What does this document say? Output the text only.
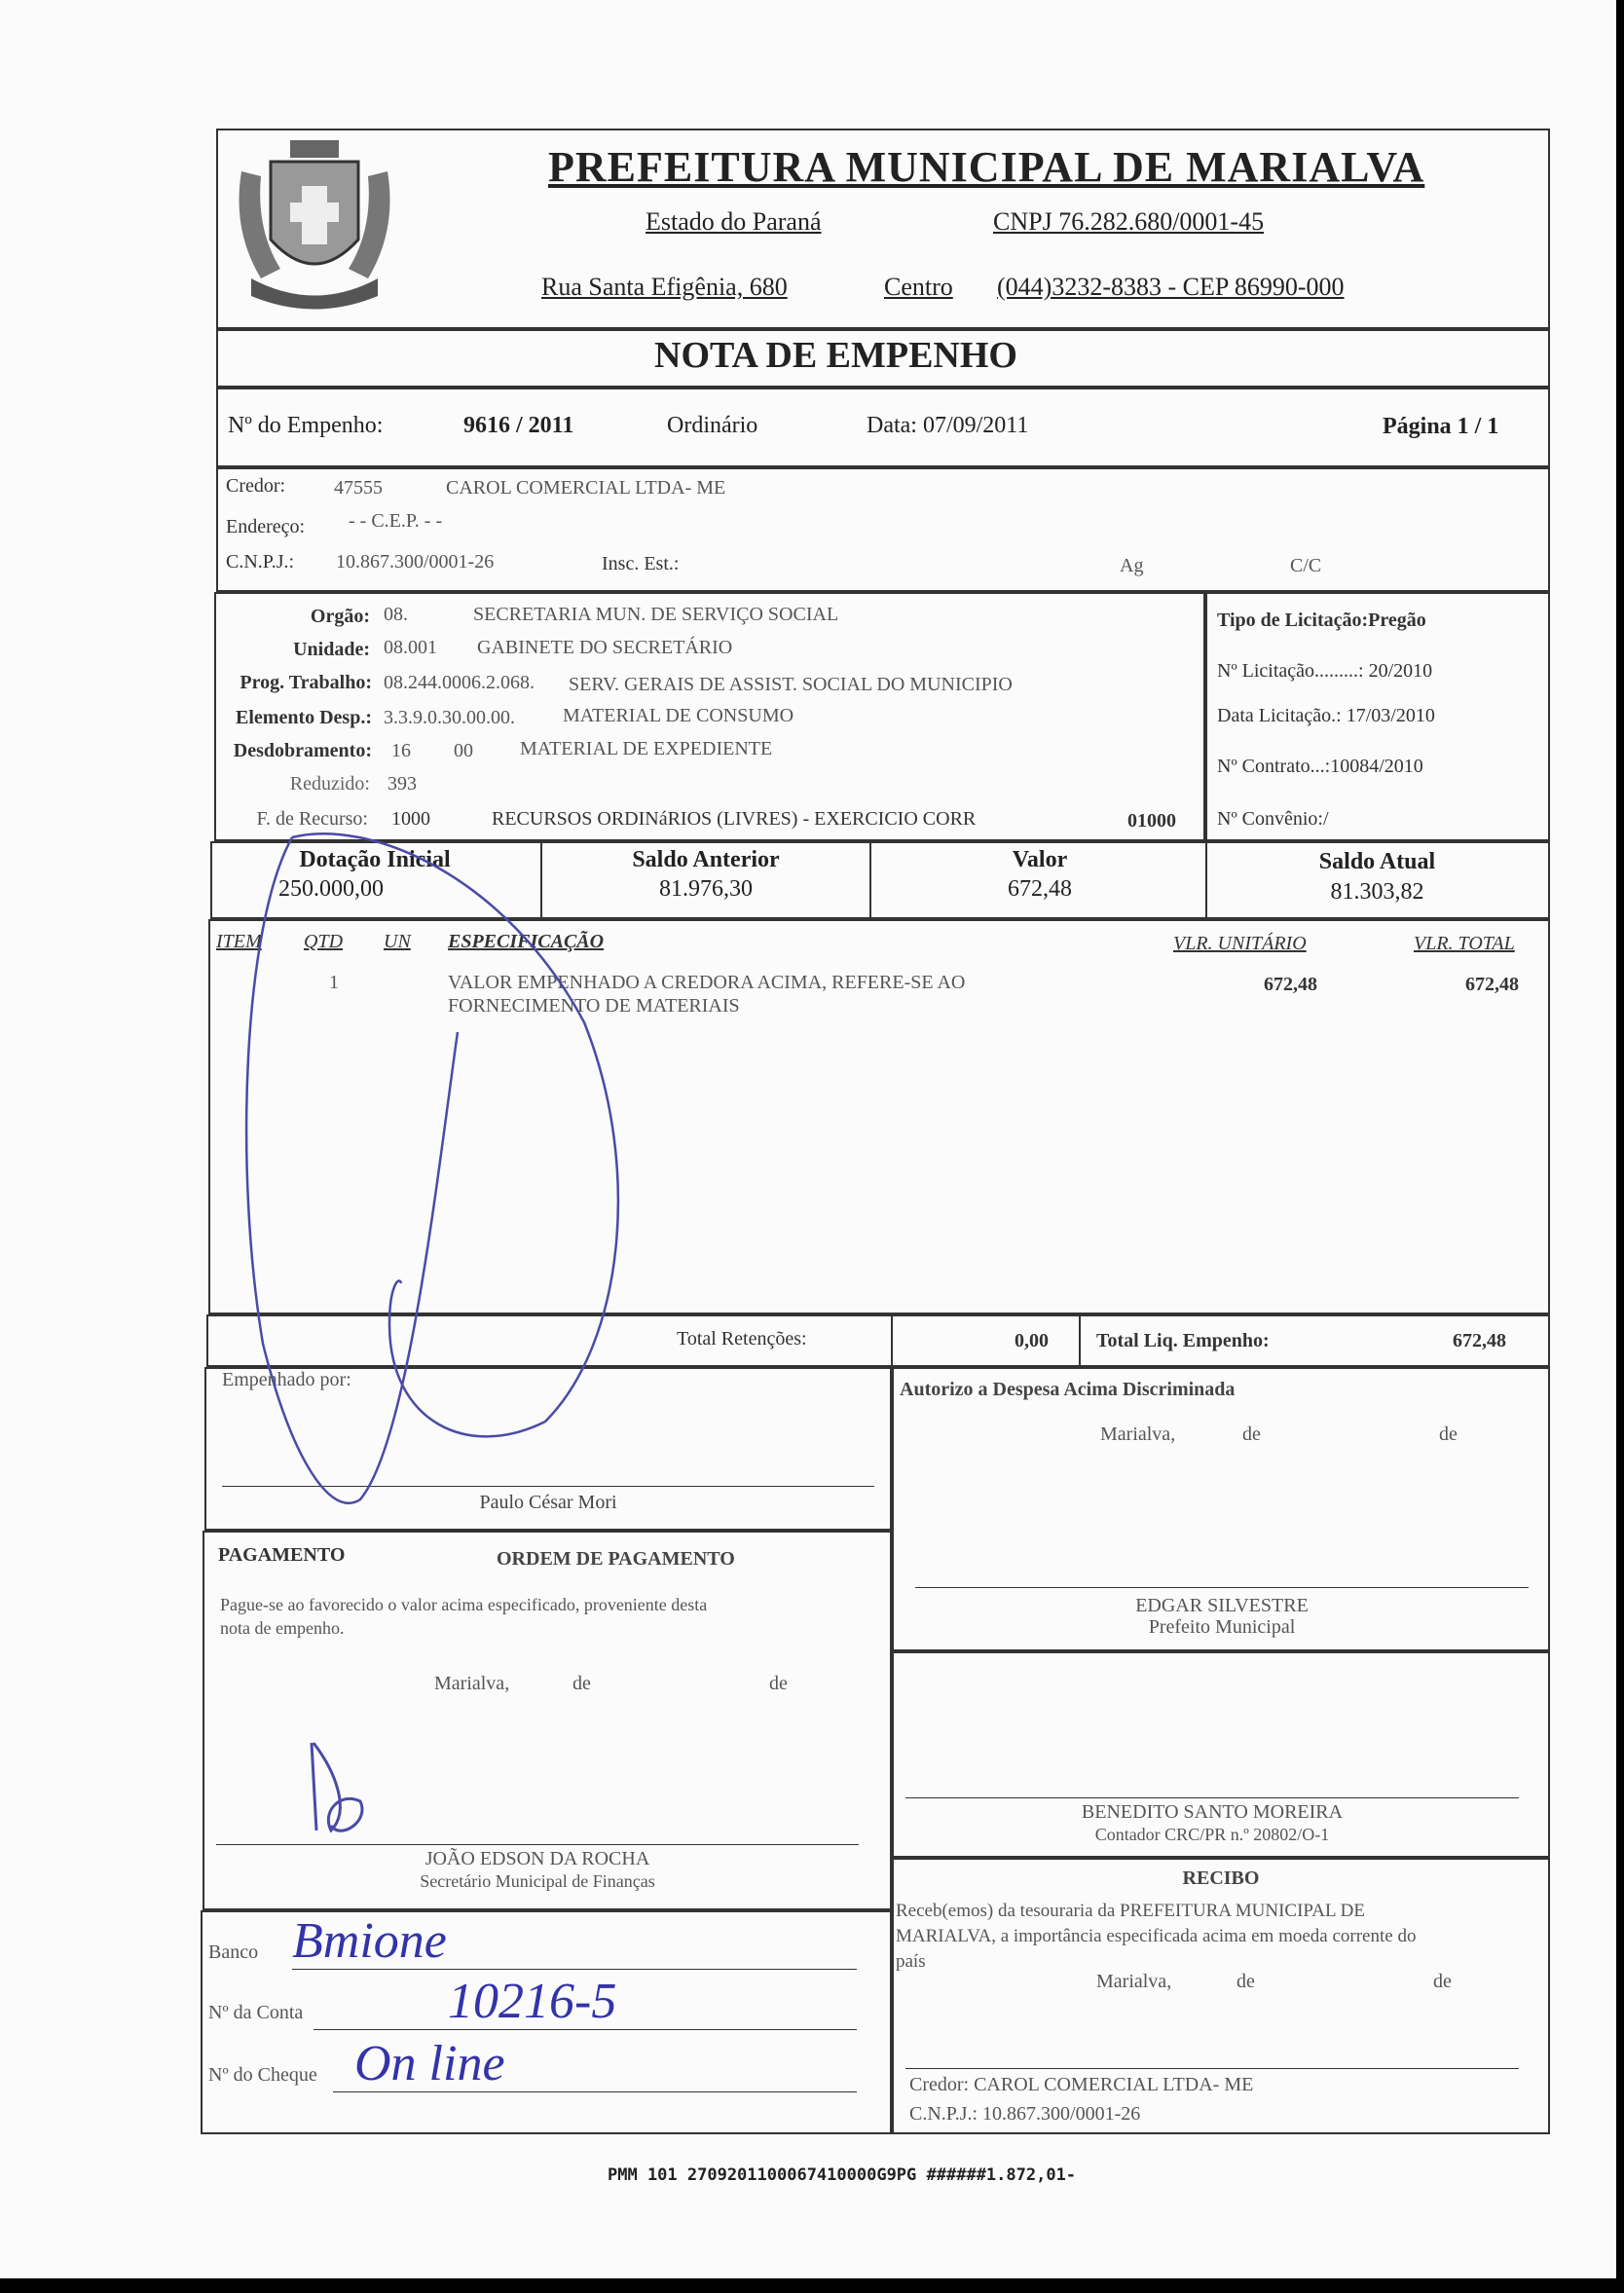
PREFEITURA MUNICIPAL DE MARIALVA
Estado do Paraná	CNPJ 76.282.680/0001-45
Rua Santa Efigênia, 680	Centro (044)3232-8383 - CEP 86990-000
NOTA DE EMPENHO
Nº do Empenho:	9616 / 2011	Ordinário	Data: 07/09/2011	Página 1 / 1
Credor: 47555	CAROL COMERCIAL LTDA- ME
Endereço: - - C.E.P. - -
C.N.P.J.: 10.867.300/0001-26	Insc. Est.:	Ag	C/C
Orgão: 08.	SECRETARIA MUN. DE SERVIÇO SOCIAL
Unidade: 08.001 GABINETE DO SECRETÁRIO
Prog. Trabalho: 08.244.0006.2.068. SERV. GERAIS DE ASSIST. SOCIAL DO MUNICIPIO
Elemento Desp.: 3.3.9.0.30.00.00. MATERIAL DE CONSUMO
Desdobramento: 16 00 MATERIAL DE EXPEDIENTE
Reduzido: 393
F. de Recurso: 1000	RECURSOS ORDINáRIOS (LIVRES) - EXERCICIO CORR	01000
Tipo de Licitação:Pregão
Nº Licitação.........: 20/2010
Data Licitação.: 17/03/2010
Nº Contrato...:10084/2010
Nº Convênio:/
Dotação Inicial
250.000,00
Saldo Anterior
81.976,30
Valor
672,48
Saldo Atual
81.303,82
ITEM QTD UN ESPECIFICAÇÃO	VLR. UNITÁRIO	VLR. TOTAL
1	VALOR EMPENHADO A CREDORA ACIMA, REFERE-SE AO
FORNECIMENTO DE MATERIAIS
672,48	672,48
Total Retenções:	0,00 Total Liq. Empenho:	672,48
Empenhado por:
Paulo César Mori
PAGAMENTO	ORDEM DE PAGAMENTO
Pague-se ao favorecido o valor acima especificado, proveniente desta
nota de empenho.
Marialva,	de	de
JOÃO EDSON DA ROCHA
Secretário Municipal de Finanças
Banco Bmione
Nº da Conta	10216-5
Nº do Cheque On line
Autorizo a Despesa Acima Discriminada
Marialva,	de	de
EDGAR SILVESTRE
Prefeito Municipal
BENEDITO SANTO MOREIRA
Contador CRC/PR n.º 20802/O-1
RECIBO
Receb(emos) da tesouraria da PREFEITURA MUNICIPAL DE
MARIALVA, a importância especificada acima em moeda corrente do
país
Marialva,	de	de
Credor: CAROL COMERCIAL LTDA- ME
C.N.P.J.: 10.867.300/0001-26
PMM 101 2709201100067410000G9PG ######1.872,01-
